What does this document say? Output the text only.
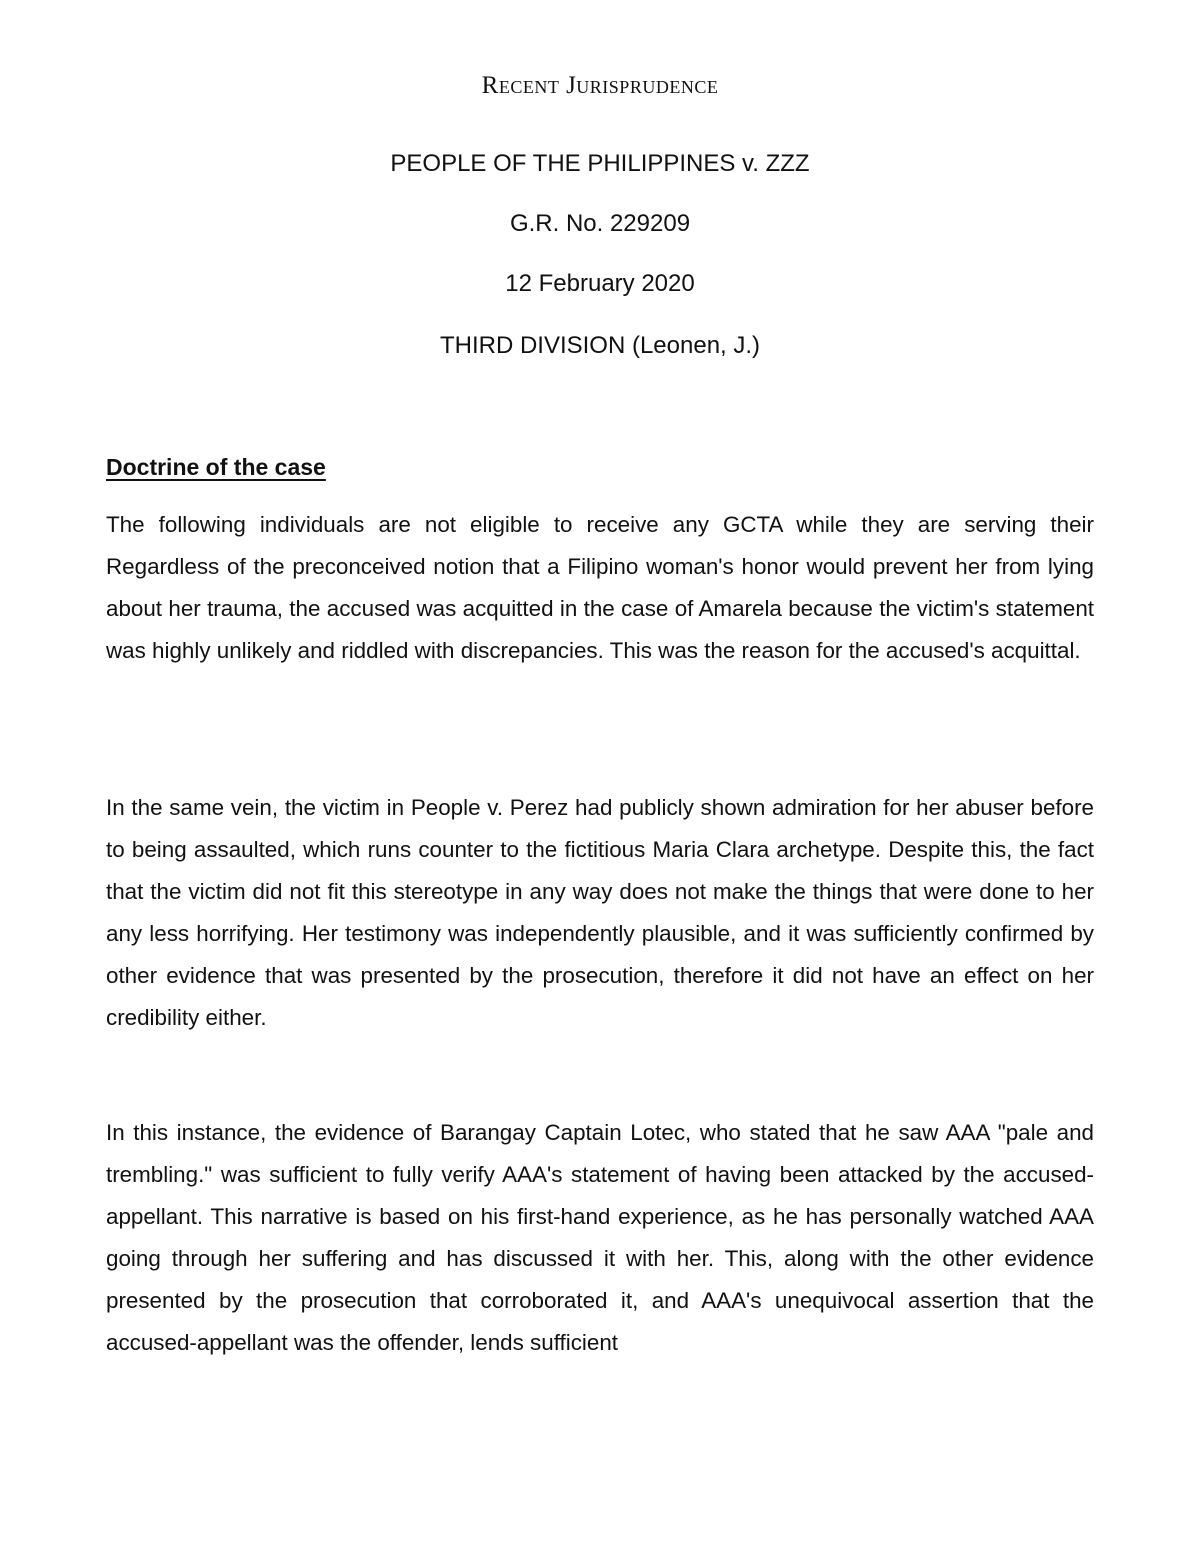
Recent Jurisprudence
PEOPLE OF THE PHILIPPINES v. ZZZ
G.R. No. 229209
12 February 2020
THIRD DIVISION (Leonen, J.)
Doctrine of the case

The following individuals are not eligible to receive any GCTA while they are serving their Regardless of the preconceived notion that a Filipino woman's honor would prevent her from lying about her trauma, the accused was acquitted in the case of Amarela because the victim's statement was highly unlikely and riddled with discrepancies. This was the reason for the accused's acquittal.

In the same vein, the victim in People v. Perez had publicly shown admiration for her abuser before to being assaulted, which runs counter to the fictitious Maria Clara archetype. Despite this, the fact that the victim did not fit this stereotype in any way does not make the things that were done to her any less horrifying. Her testimony was independently plausible, and it was sufficiently confirmed by other evidence that was presented by the prosecution, therefore it did not have an effect on her credibility either.

In this instance, the evidence of Barangay Captain Lotec, who stated that he saw AAA "pale and trembling." was sufficient to fully verify AAA's statement of having been attacked by the accused-appellant. This narrative is based on his first-hand experience, as he has personally watched AAA going through her suffering and has discussed it with her. This, along with the other evidence presented by the prosecution that corroborated it, and AAA's unequivocal assertion that the accused-appellant was the offender, lends sufficient
